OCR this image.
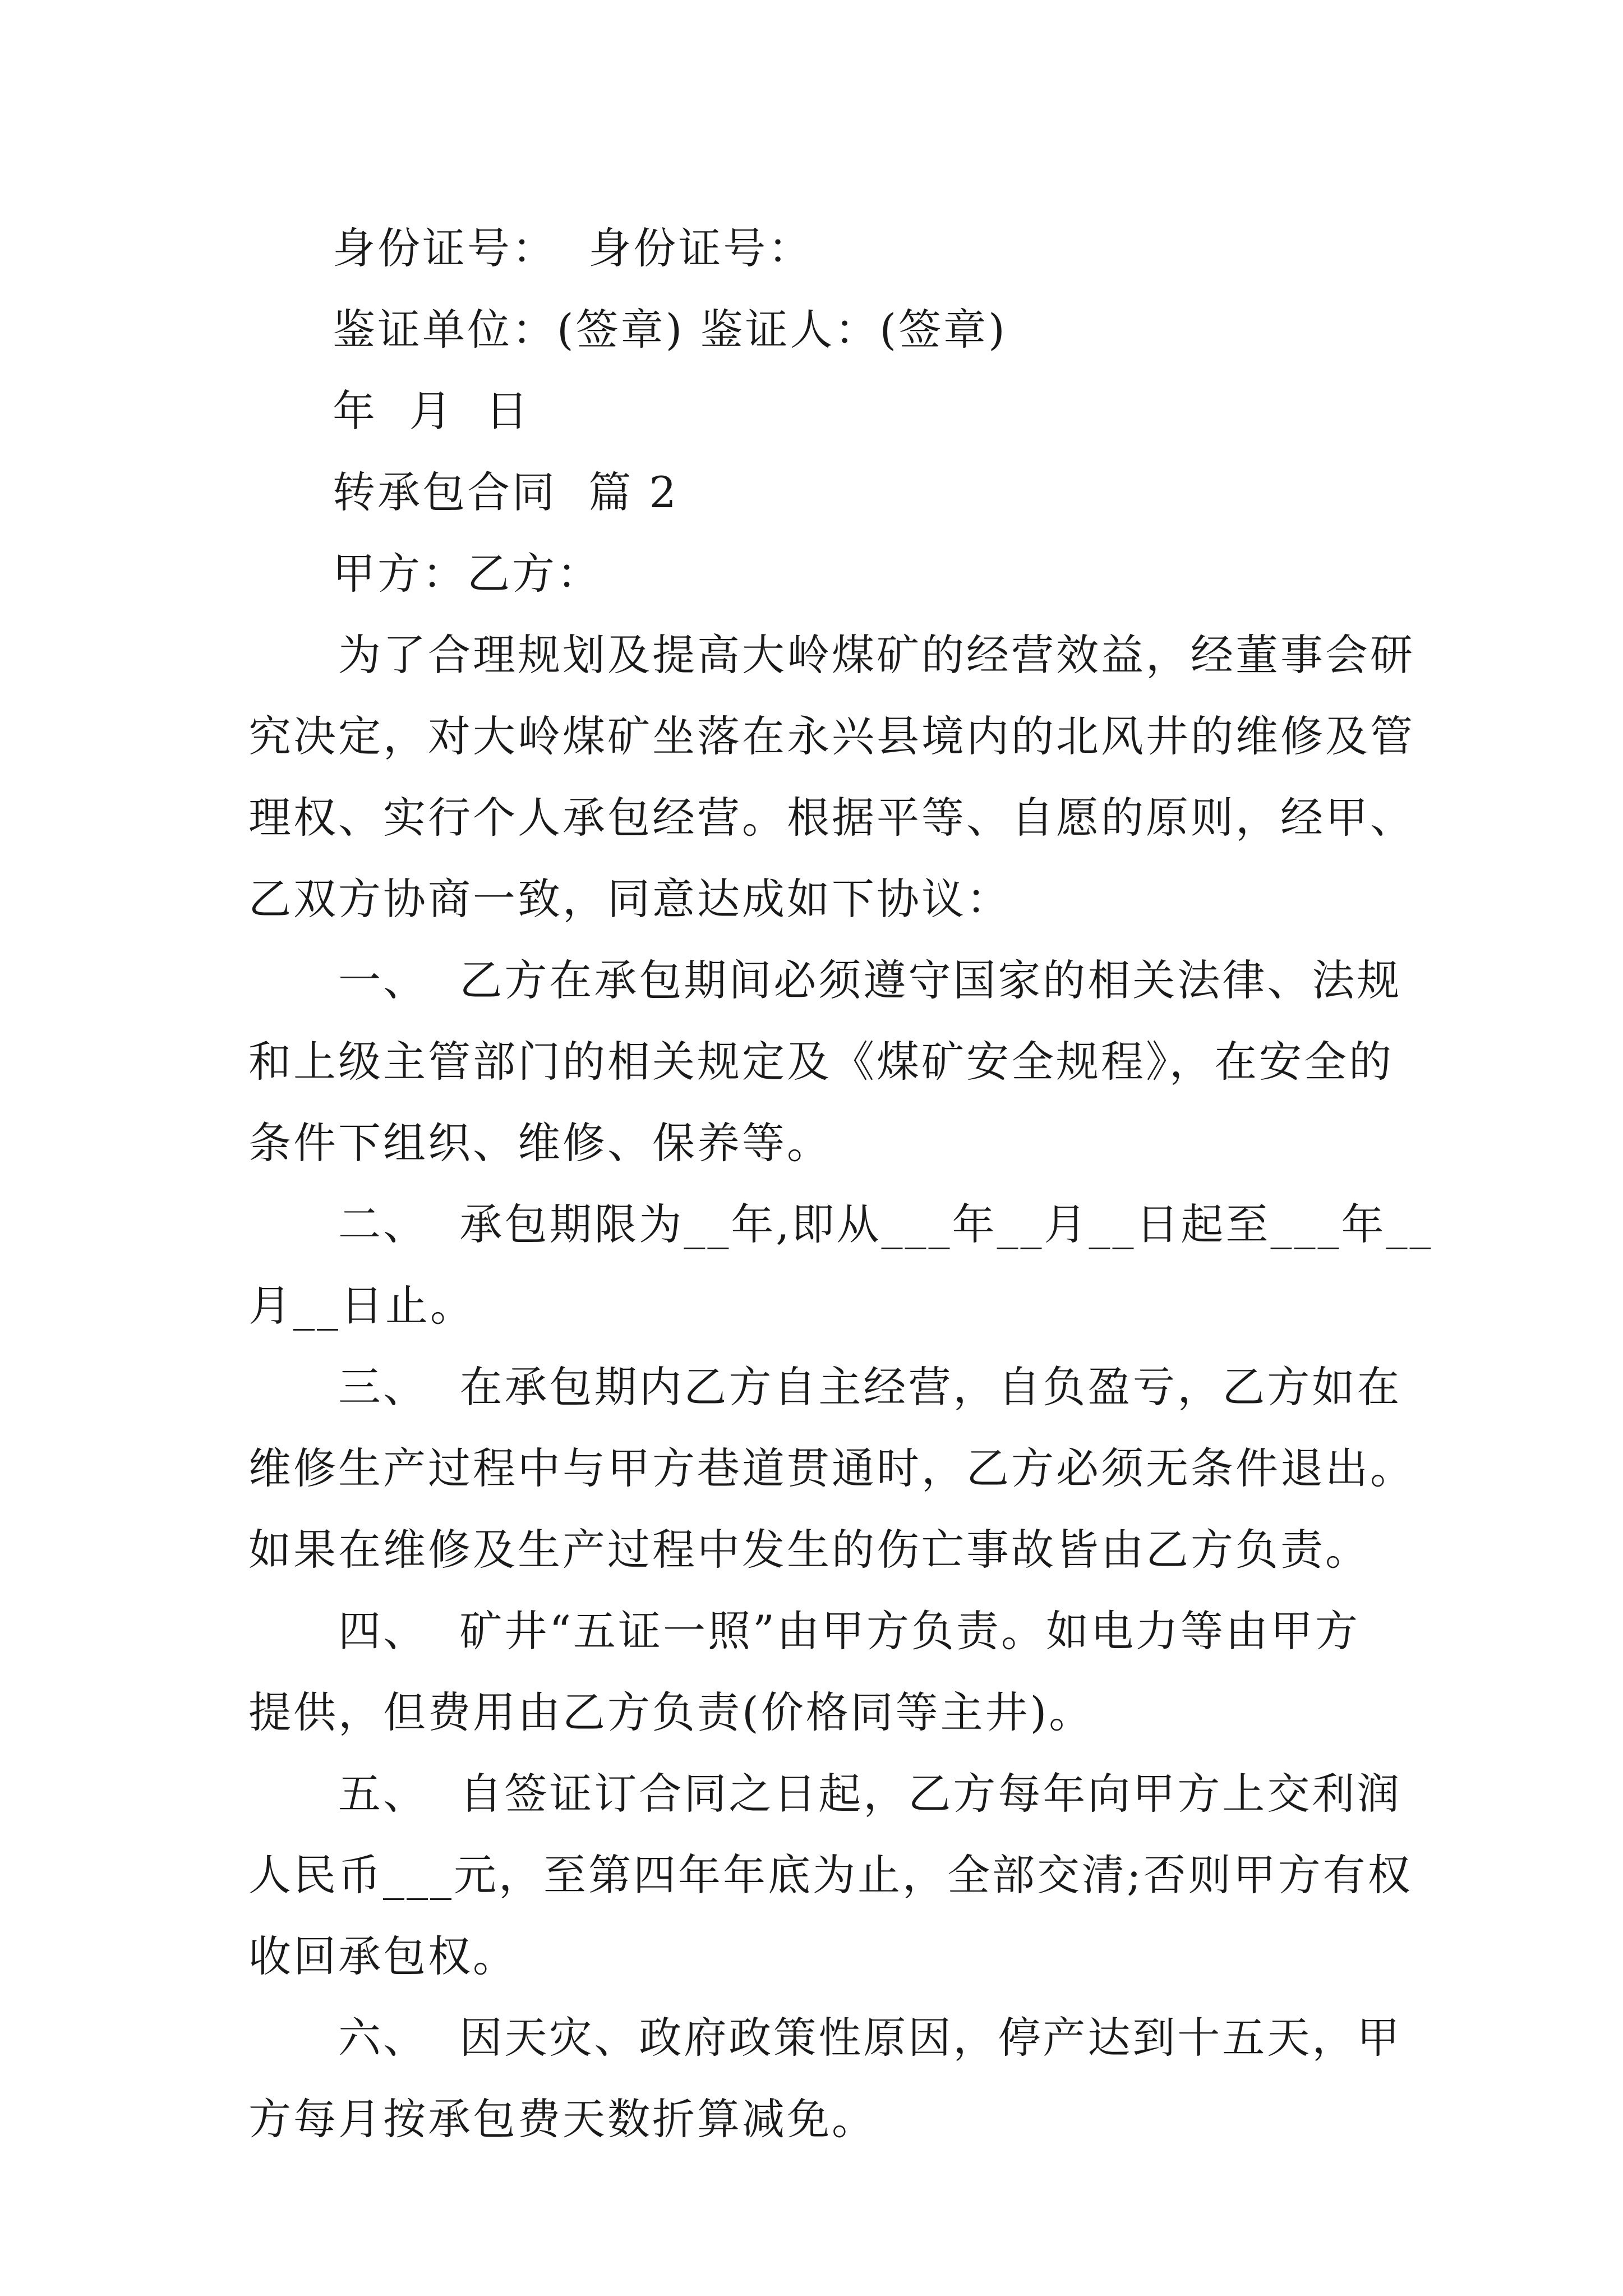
身份证号：  身份证号：

鉴证单位：(签章) 鉴证人：(签章)

年  月  日

转承包合同  篇 2

甲方：乙方：

为了合理规划及提高大岭煤矿的经营效益，经董事会研

究决定，对大岭煤矿坐落在永兴县境内的北风井的维修及管

理权、实行个人承包经营。根据平等、自愿的原则，经甲、

乙双方协商一致，同意达成如下协议：

一、  乙方在承包期间必须遵守国家的相关法律、法规

和上级主管部门的相关规定及《煤矿安全规程》，在安全的

条件下组织、维修、保养等。

二、  承包期限为__年,即从___年__月__日起至___年__

月__日止。

三、  在承包期内乙方自主经营，自负盈亏，乙方如在

维修生产过程中与甲方巷道贯通时，乙方必须无条件退出。

如果在维修及生产过程中发生的伤亡事故皆由乙方负责。

四、  矿井“五证一照”由甲方负责。如电力等由甲方

提供，但费用由乙方负责(价格同等主井)。

五、  自签证订合同之日起，乙方每年向甲方上交利润

人民币___元，至第四年年底为止，全部交清;否则甲方有权

收回承包权。

六、  因天灾、政府政策性原因，停产达到十五天，甲

方每月按承包费天数折算减免。
